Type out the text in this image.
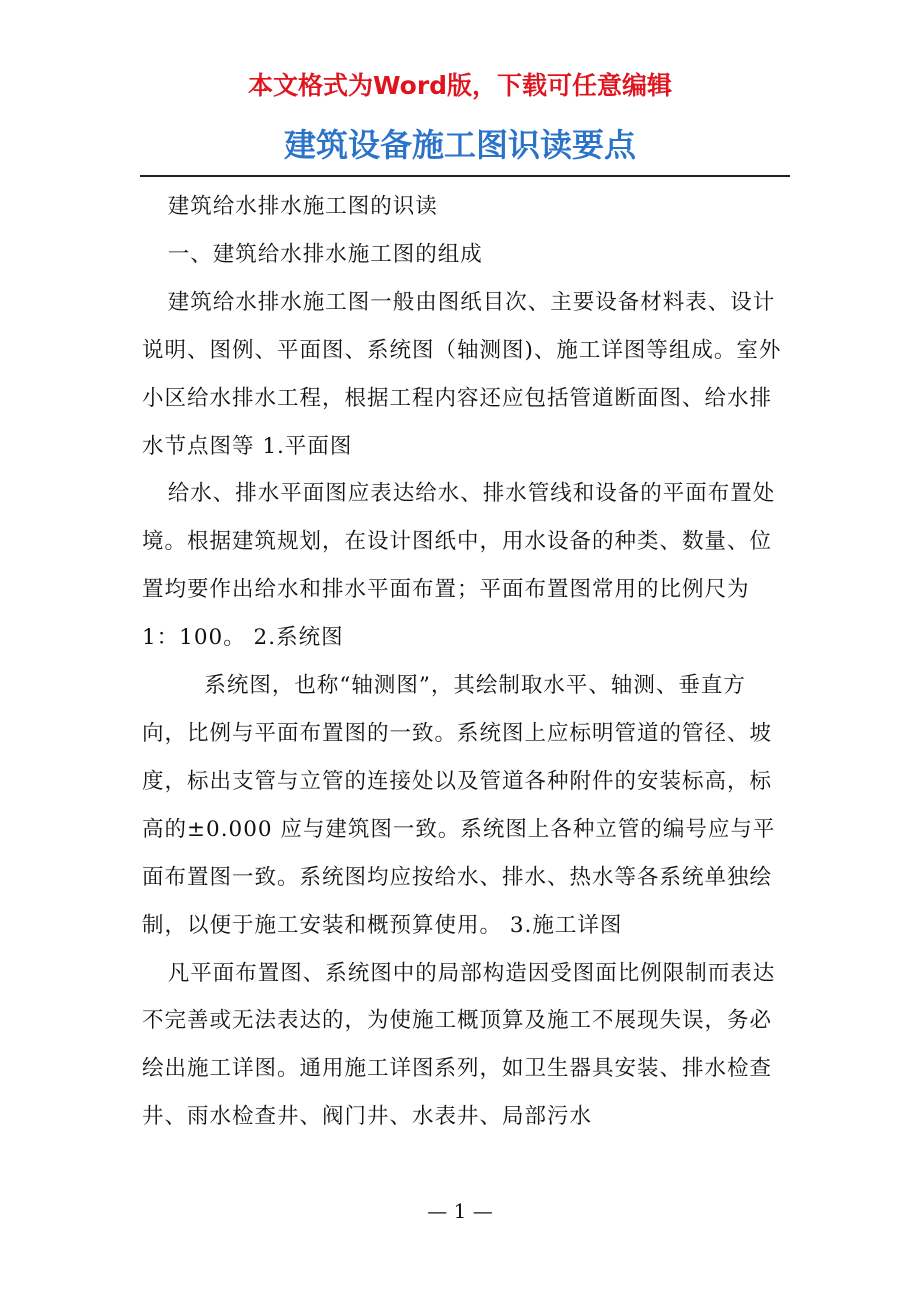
本文格式为Word版，下载可任意编辑
建筑设备施工图识读要点

建筑给水排水施工图的识读

一、建筑给水排水施工图的组成

建筑给水排水施工图一般由图纸目次、主要设备材料表、设计说明、图例、平面图、系统图（轴测图)、施工详图等组成。室外小区给水排水工程，根据工程内容还应包括管道断面图、给水排水节点图等 1.平面图

给水、排水平面图应表达给水、排水管线和设备的平面布置处境。根据建筑规划，在设计图纸中，用水设备的种类、数量、位置均要作出给水和排水平面布置；平面布置图常用的比例尺为 1：100。 2.系统图

系统图，也称“轴测图”，其绘制取水平、轴测、垂直方向，比例与平面布置图的一致。系统图上应标明管道的管径、坡度，标出支管与立管的连接处以及管道各种附件的安装标高，标高的±0.000 应与建筑图一致。系统图上各种立管的编号应与平面布置图一致。系统图均应按给水、排水、热水等各系统单独绘制，以便于施工安装和概预算使用。 3.施工详图

凡平面布置图、系统图中的局部构造因受图面比例限制而表达不完善或无法表达的，为使施工概顶算及施工不展现失误，务必绘出施工详图。通用施工详图系列，如卫生器具安装、排水检查井、雨水检查井、阀门井、水表井、局部污水

— 1 —
